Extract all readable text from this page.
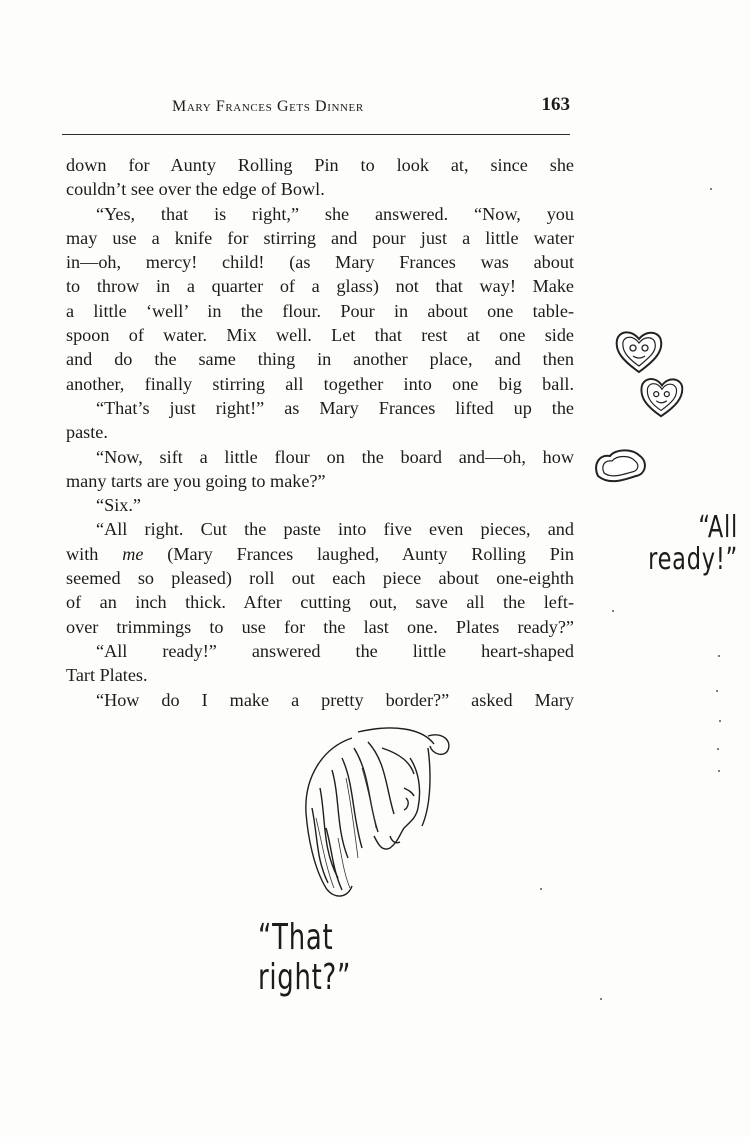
Mary Frances Gets Dinner	163

down for Aunty Rolling Pin to look at, since she

couldn’t see over the edge of Bowl.

“Yes, that is right,” she answered. “Now, you

may use a knife for stirring and pour just a little water

in—oh, mercy! child! (as Mary Frances was about

to throw in a quarter of a glass) not that way! Make

a little ‘well’ in the flour. Pour in about one table-

spoon of water. Mix well. Let that rest at one side

and do the same thing in another place, and then

another, finally stirring all together into one big ball.

“That’s just right!” as Mary Frances lifted up the

paste.

“Now, sift a little flour on the board and—oh, how

many tarts are you going to make?”

“Six.”

“All right. Cut the paste into five even pieces, and

with me (Mary Frances laughed, Aunty Rolling Pin

seemed so pleased) roll out each piece about one-eighth

of an inch thick. After cutting out, save all the left-

over trimmings to use for the last one. Plates ready?”

“All ready!” answered the little heart-shaped

Tart Plates.

“How do I make a pretty border?” asked Mary

“All
ready!”
“That right?”
